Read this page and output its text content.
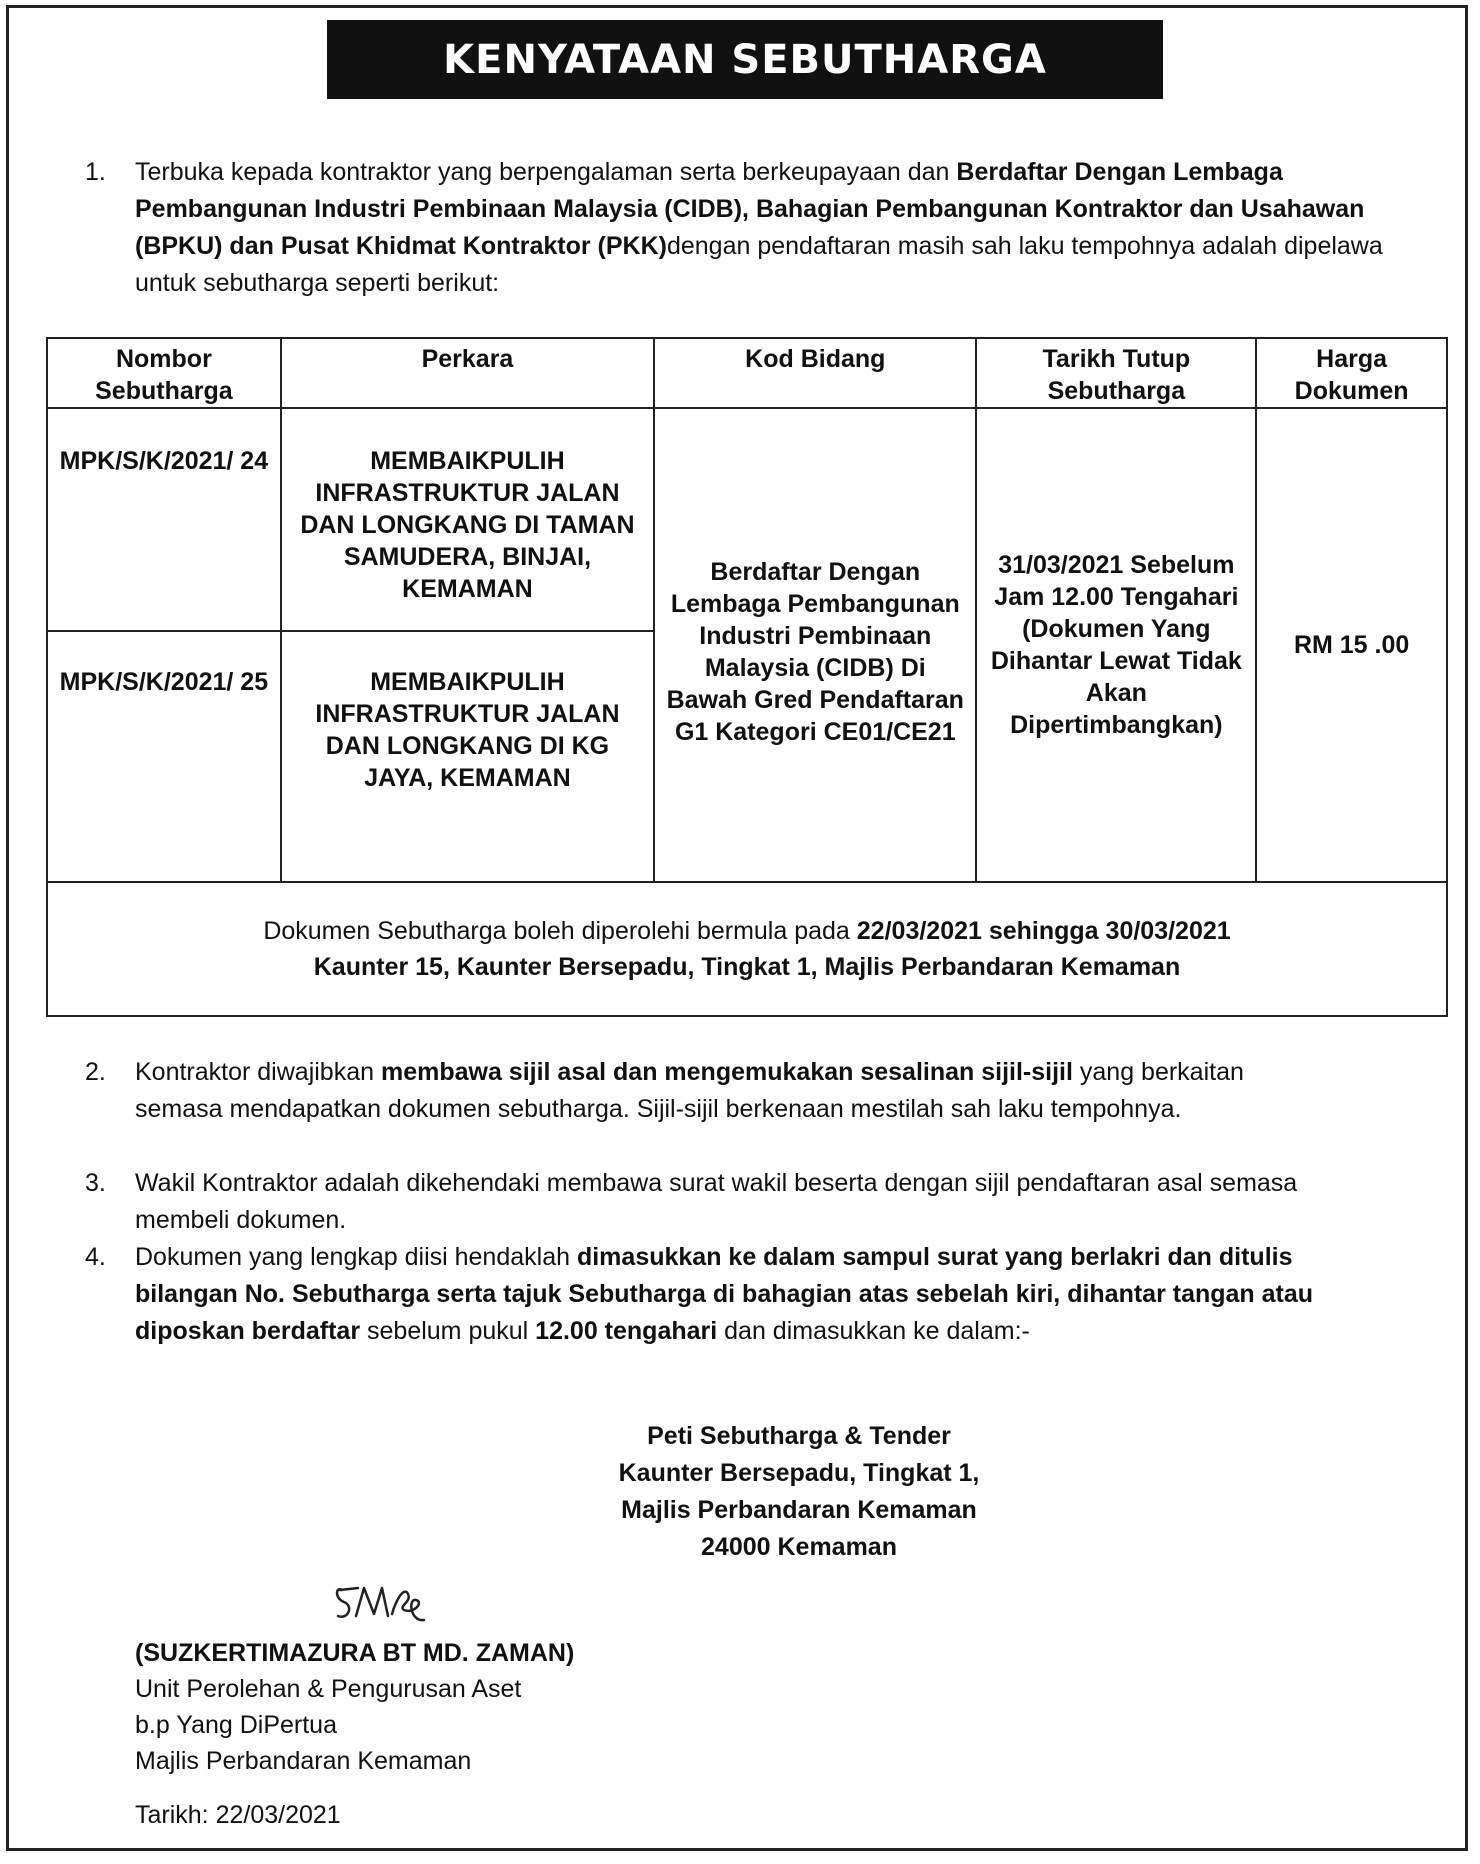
KENYATAAN SEBUTHARGA
1. Terbuka kepada kontraktor yang berpengalaman serta berkeupayaan dan Berdaftar Dengan Lembaga Pembangunan Industri Pembinaan Malaysia (CIDB), Bahagian Pembangunan Kontraktor dan Usahawan (BPKU) dan Pusat Khidmat Kontraktor (PKK)dengan pendaftaran masih sah laku tempohnya adalah dipelawa untuk sebutharga seperti berikut:
Nombor Sebutharga	Perkara	Kod Bidang	Tarikh Tutup Sebutharga	Harga Dokumen
MPK/S/K/2021/ 24	MEMBAIKPULIH INFRASTRUKTUR JALAN DAN LONGKANG DI TAMAN SAMUDERA, BINJAI, KEMAMAN	Berdaftar Dengan Lembaga Pembangunan Industri Pembinaan Malaysia (CIDB) Di Bawah Gred Pendaftaran G1 Kategori CE01/CE21	31/03/2021 Sebelum Jam 12.00 Tengahari (Dokumen Yang Dihantar Lewat Tidak Akan Dipertimbangkan)	RM 15 .00
MPK/S/K/2021/ 25	MEMBAIKPULIH INFRASTRUKTUR JALAN DAN LONGKANG DI KG JAYA, KEMAMAN			
Dokumen Sebutharga boleh diperolehi bermula pada 22/03/2021 sehingga 30/03/2021
Kaunter 15, Kaunter Bersepadu, Tingkat 1, Majlis Perbandaran Kemaman				
2. Kontraktor diwajibkan membawa sijil asal dan mengemukakan sesalinan sijil-sijil yang berkaitan semasa mendapatkan dokumen sebutharga. Sijil-sijil berkenaan mestilah sah laku tempohnya.
3. Wakil Kontraktor adalah dikehendaki membawa surat wakil beserta dengan sijil pendaftaran asal semasa membeli dokumen.
4. Dokumen yang lengkap diisi hendaklah dimasukkan ke dalam sampul surat yang berlakri dan ditulis bilangan No. Sebutharga serta tajuk Sebutharga di bahagian atas sebelah kiri, dihantar tangan atau diposkan berdaftar sebelum pukul 12.00 tengahari dan dimasukkan ke dalam:-
Peti Sebutharga & Tender
Kaunter Bersepadu, Tingkat 1,
Majlis Perbandaran Kemaman
24000 Kemaman
(SUZKERTIMAZURA BT MD. ZAMAN)
Unit Perolehan & Pengurusan Aset
b.p Yang DiPertua
Majlis Perbandaran Kemaman
Tarikh: 22/03/2021
